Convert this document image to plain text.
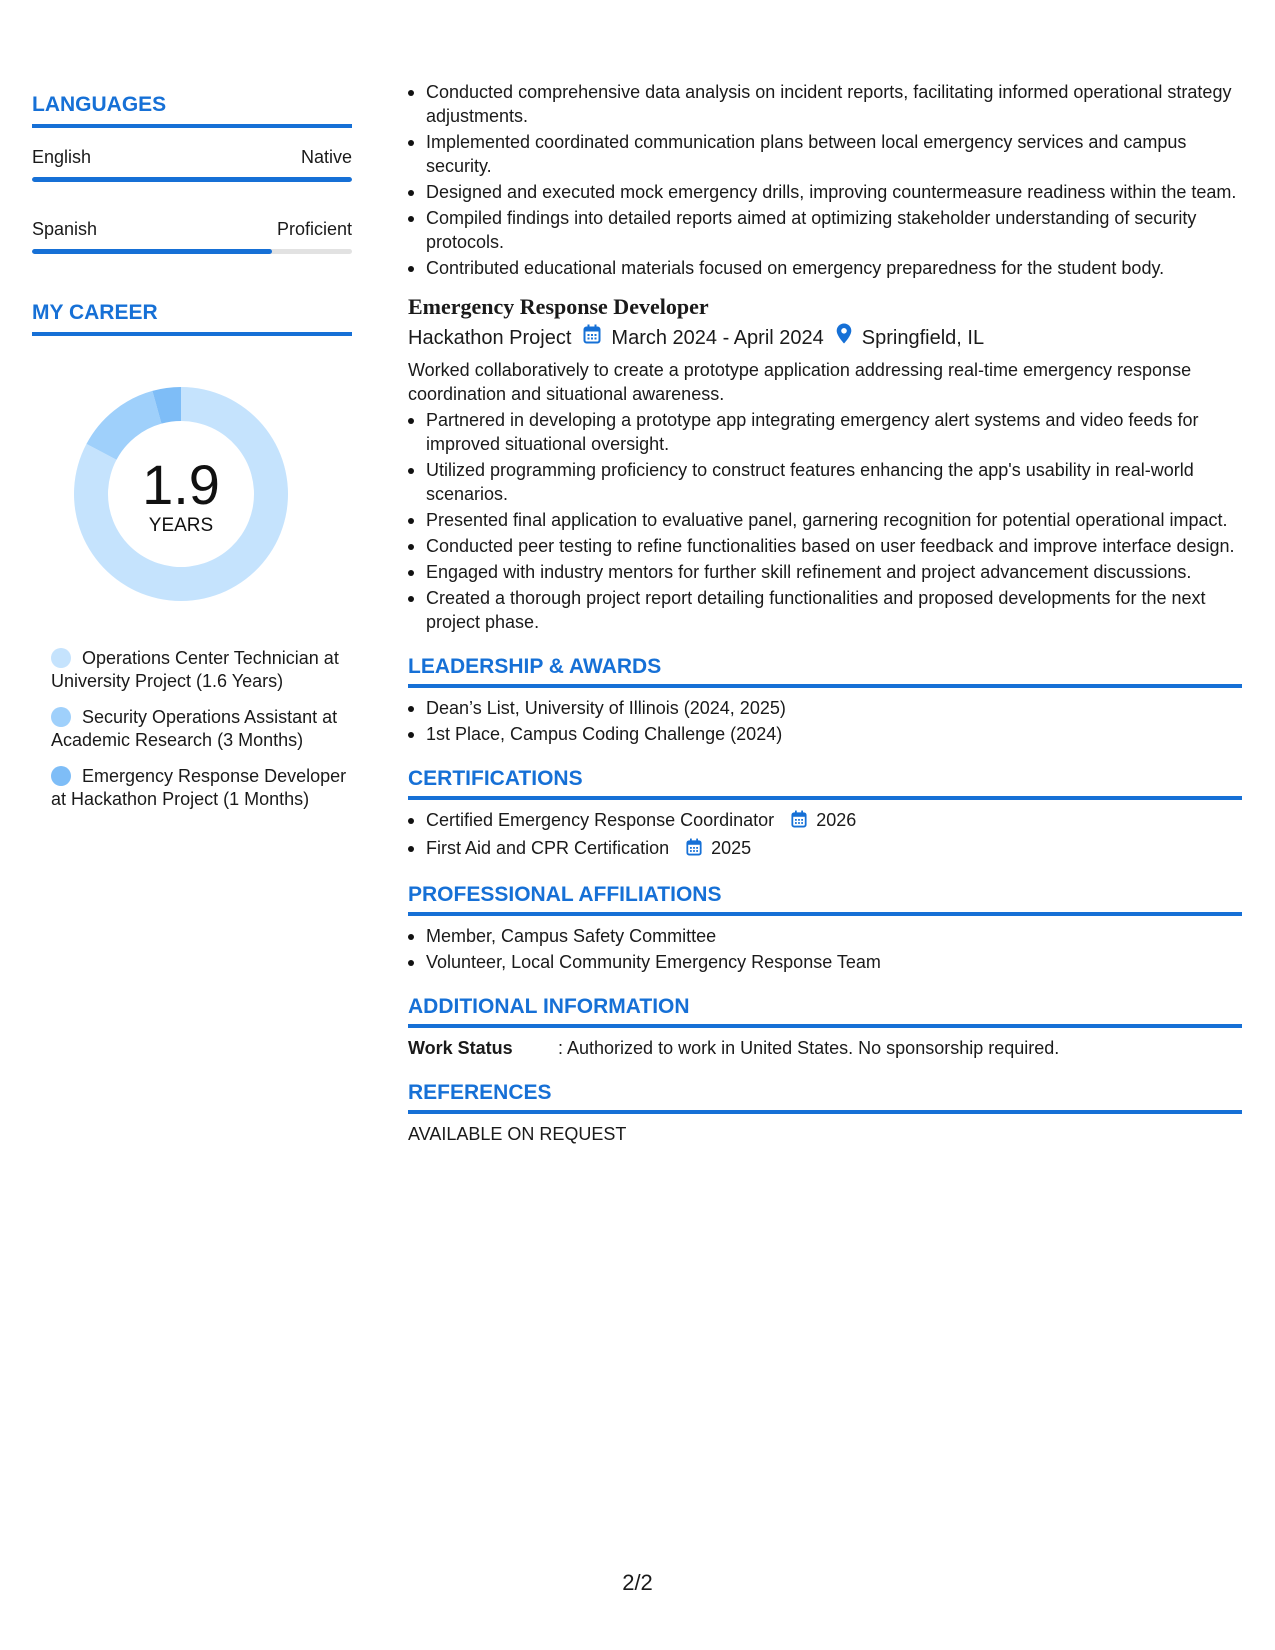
LANGUAGES
English	Native
Spanish	Proficient
MY CAREER
1.9
YEARS
Operations Center Technician at University Project (1.6 Years)
Security Operations Assistant at Academic Research (3 Months)
Emergency Response Developer at Hackathon Project (1 Months)
Conducted comprehensive data analysis on incident reports, facilitating informed operational strategy adjustments.
Implemented coordinated communication plans between local emergency services and campus security.
Designed and executed mock emergency drills, improving countermeasure readiness within the team.
Compiled findings into detailed reports aimed at optimizing stakeholder understanding of security protocols.
Contributed educational materials focused on emergency preparedness for the student body.
Emergency Response Developer
Hackathon Project March 2024 - April 2024 Springfield, IL
Worked collaboratively to create a prototype application addressing real-time emergency response coordination and situational awareness.
Partnered in developing a prototype app integrating emergency alert systems and video feeds for improved situational oversight.
Utilized programming proficiency to construct features enhancing the app's usability in real-world scenarios.
Presented final application to evaluative panel, garnering recognition for potential operational impact.
Conducted peer testing to refine functionalities based on user feedback and improve interface design.
Engaged with industry mentors for further skill refinement and project advancement discussions.
Created a thorough project report detailing functionalities and proposed developments for the next project phase.
LEADERSHIP & AWARDS
Dean’s List, University of Illinois (2024, 2025)
1st Place, Campus Coding Challenge (2024)
CERTIFICATIONS
Certified Emergency Response Coordinator 2026
First Aid and CPR Certification 2025
PROFESSIONAL AFFILIATIONS
Member, Campus Safety Committee
Volunteer, Local Community Emergency Response Team
ADDITIONAL INFORMATION
Work Status	: Authorized to work in United States. No sponsorship required.
REFERENCES
AVAILABLE ON REQUEST
2/2
